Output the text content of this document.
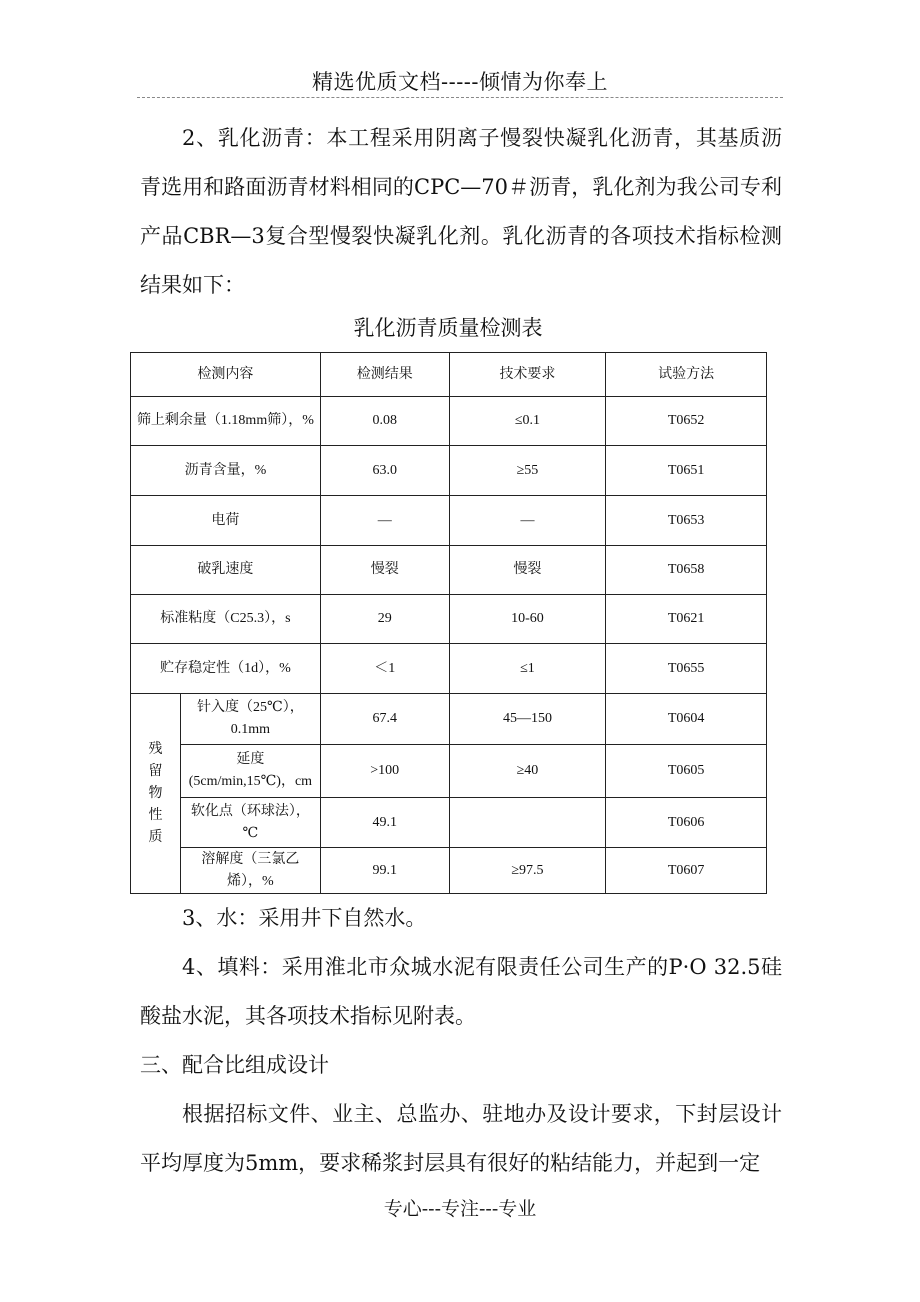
精选优质文档-----倾情为你奉上

2、乳化沥青：本工程采用阴离子慢裂快凝乳化沥青，其基质沥青选用和路面沥青材料相同的CPC—70＃沥青，乳化剂为我公司专利产品CBR—3复合型慢裂快凝乳化剂。乳化沥青的各项技术指标检测结果如下：

乳化沥青质量检测表
检测内容		检测结果	技术要求	试验方法
筛上剩余量（1.18mm筛），%		0.08	≤0.1	T0652
沥青含量，%		63.0	≥55	T0651
电荷		—	—	T0653
破乳速度		慢裂	慢裂	T0658
标准粘度（C25.3），s		29	10-60	T0621
贮存稳定性（1d），%		＜1	≤1	T0655

残留物性质	针入度（25℃），0.1mm	67.4	45—150	T0604
	延度(5cm/min,15℃)，cm	>100	≥40	T0605
	软化点（环球法），℃	49.1		T0606
	溶解度（三氯乙烯），%	99.1	≥97.5	T0607

3、水：采用井下自然水。

4、填料：采用淮北市众城水泥有限责任公司生产的P·O 32.5硅酸盐水泥，其各项技术指标见附表。

三、配合比组成设计

根据招标文件、业主、总监办、驻地办及设计要求，下封层设计平均厚度为5mm，要求稀浆封层具有很好的粘结能力，并起到一定

专心---专注---专业
